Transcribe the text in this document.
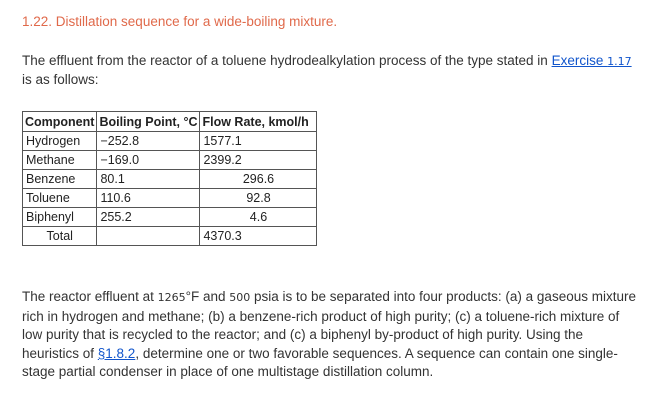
1.22. Distillation sequence for a wide-boiling mixture.

The effluent from the reactor of a toluene hydrodealkylation process of the type stated in Exercise 1.17 is as follows:

Component	Boiling Point, °C	Flow Rate, kmol/h
Hydrogen	−252.8	1577.1
Methane	−169.0	2399.2
Benzene	80.1	296.6
Toluene	110.6	92.8
Biphenyl	255.2	4.6
Total		4370.3

The reactor effluent at 1265°F and 500 psia is to be separated into four products: (a) a gaseous mixture rich in hydrogen and methane; (b) a benzene-rich product of high purity; (c) a toluene-rich mixture of low purity that is recycled to the reactor; and (c) a biphenyl by-product of high purity. Using the heuristics of §1.8.2, determine one or two favorable sequences. A sequence can contain one single-stage partial condenser in place of one multistage distillation column.
